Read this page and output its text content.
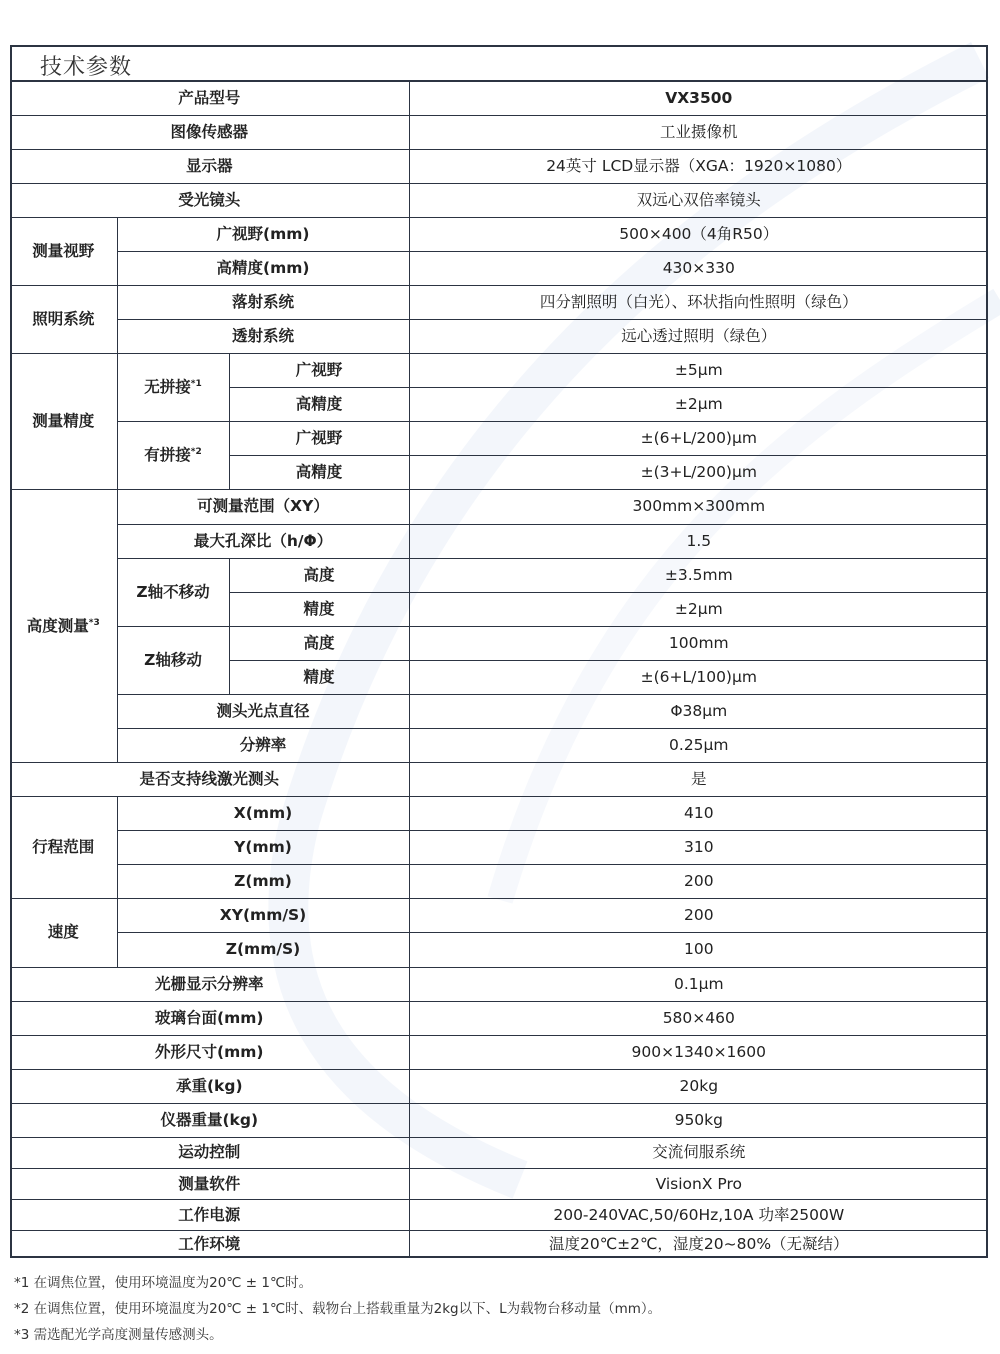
技术参数
产品型号			VX3500
图像传感器			工业摄像机
显示器			24英寸 LCD显示器（XGA：1920×1080）
受光镜头			双远心双倍率镜头
测量视野	广视野(mm)		500×400（4角R50）
	高精度(mm)		430×330
照明系统	落射系统		四分割照明（白光）、环状指向性照明（绿色）
	透射系统		远心透过照明（绿色）
测量精度	无拼接$^{*1}$	广视野	±5μm
		高精度	±2μm
	有拼接$^{*2}$	广视野	±(6+L/200)μm
		高精度	±(3+L/200)μm
高度测量$^{*3}$	可测量范围（XY）		300mm×300mm
	最大孔深比（h/Φ）		1.5
	Z轴不移动	高度	±3.5mm
		精度	±2μm
	Z轴移动	高度	100mm
		精度	±(6+L/100)μm
	测头光点直径		Φ38μm
	分辨率		0.25μm
是否支持线激光测头			是
行程范围	X(mm)		410
	Y(mm)		310
	Z(mm)		200
速度	XY(mm/S)		200
	Z(mm/S)		100
光栅显示分辨率			0.1μm
玻璃台面(mm)			580×460
外形尺寸(mm)			900×1340×1600
承重(kg)			20kg
仪器重量(kg)			950kg
运动控制			交流伺服系统
测量软件			VisionX Pro
工作电源			200-240VAC,50/60Hz,10A 功率2500W
工作环境			温度20℃±2℃，湿度20~80%（无凝结）
*1 在调焦位置，使用环境温度为20℃ ± 1℃时。
*2 在调焦位置，使用环境温度为20℃ ± 1℃时、载物台上搭载重量为2kg以下、L为载物台移动量（mm）。
*3 需选配光学高度测量传感测头。
